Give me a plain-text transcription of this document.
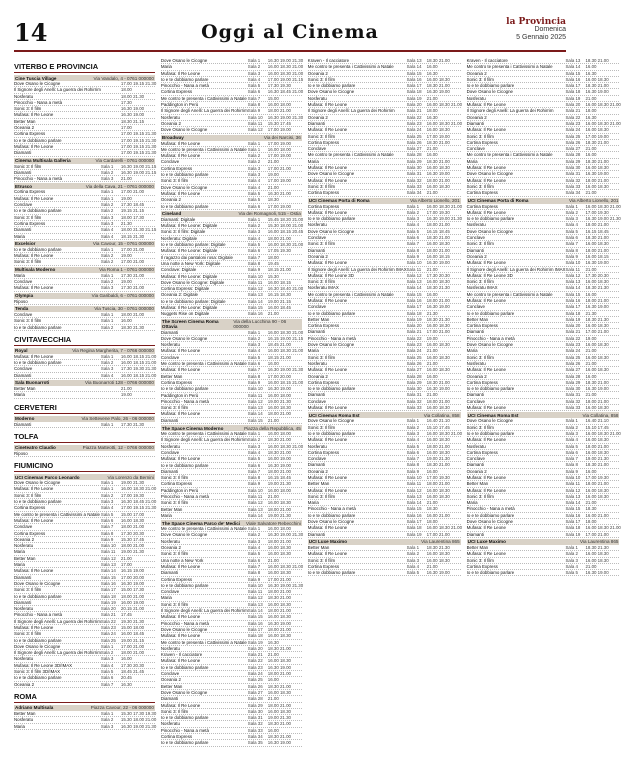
14	Oggi al Cinema	la Provincia
Domenica
5 Gennaio 2025
VITERBO E PROVINCIA
Cine Tuscia Village	Via Vandalo, 4 - 0761 000000
Dove Osano le Cicogne	17.00 19.15 21.30
Il Signore degli Anelli: La guerra dei Rohirrim	18.00
Nosferatu	18.00 21.30
Pinocchio - Nana a metà	17.30
Sonic 3: Il film	16.30 19.00
Mufasa: Il Re Leone	16.30 19.00
Better Man	18.30 21.15
Oceania 2	17.00
Cortina Express	17.00 19.15 21.30
Io e te dobbiamo parlare	17.00 19.15 21.30
Mufasa: Il Re Leone	17.00 19.15 21.30
Diamanti	17.00 19.15 21.30
Cinema Multisala Galleria	Via Cardarelli - 0761 000000
Sonic 3: Il film	Sala 1	16.30 19.00 21.15
Diamanti	Sala 2	16.30 19.00 21.15
Pinocchio - Nana a metà	Sala 3	21.00
Etrusco	Via della Cava, 21 - 0761 000000
Cortina Express	Sala 1	17.00 21.00
Mufasa: Il Re Leone	Sala 1	19.00
Conclave	Sala 2	17.30 18.45
Io e te dobbiamo parlare	Sala 2	19.15 21.15
Sonic 3: Il film	Sala 3	18.00 17.30
Cortina Express	Sala 3	21.30
Diamanti	Sala 4	18.00 21.30 21.15
Maria	Sala 4	18.15 21.30
Excelsior	Via Cavour, 15 - 0761 000000
Io e te dobbiamo parlare	Sala 1	17.00 21.00
Mufasa: Il Re Leone	Sala 2	19.00
Sonic 3: Il film	Sala 2	17.00 21.00
Multisala Moderno	Via Roma 1 - 0761 000000
Maria	Sala 1	17.30 21.00
Conclave	Sala 2	19.00
Mufasa: Il Re Leone	Sala 3	17.30 21.00
Olympia	Via Garibaldi, 6 - 0761 000000
Riposo
Tenda	Via Tuscia, 30 - 0761 000000
Conclave	Sala 1	18.00 21.00
Sonic 3: Il film	Sala 1	16.00
Io e te dobbiamo parlare	Sala 2	18.30 21.30
CIVITAVECCHIA
Royal	Via Regina Margherita, 7 - 0766 000000
Mufasa: Il Re Leone	Sala 1	16.00 18.15 21.00
Io e te dobbiamo parlare	Sala 2	16.00 18.15 21.00
Conclave	Sala 3	17.30 19.30 21.30
Diamanti	Sala 4	16.00 18.15 21.00
Sala Buonarroti	Via Buonarroti 128 - 0766 000000
Better Man	21.00
Maria	19.00
CERVETERI
Moderno	Via Settevene Palo, 26 - 06 000000
Diamanti	Sala 1	17.30 21.30
TOLFA
Cineteatro Claudio	Piazza Matteotti, 12 - 0766 000000
Riposo
FIUMICINO
UCI Cinemas Parco Leonardo	Via Lorenzo da Bernini
Dove Osano le Cicogne	Sala 1	19.00 21.30
Mufasa: Il Re Leone	Sala 1	16.00 18.30 21.00
Sonic 3: Il film	Sala 2	17.00 19.30
Io e te dobbiamo parlare	Sala 3	16.30 18.45 21.00
Cortina Express	Sala 4	17.00 19.15 21.30
Me contro te presenta i Cattivissimi a Natale Sala 5	15.00 17.00
Mufasa: Il Re Leone	Sala 6	16.00 18.30
Conclave	Sala 7	18.00 21.00
Cortina Express	Sala 8	17.30 20.30
Oceania 2	Sala 9	15.30 17.45
Nosferatu	Sala 10	18.00 21.00
Maria	Sala 11	19.00 21.30
Better Man	Sala 12	21.00
Maria	Sala 13	17.00
Mufasa: Il Re Leone	Sala 14	16.15 19.00
Diamanti	Sala 15	17.00 20.00
Dove Osano le Cicogne	Sala 16	16.30 19.00
Sonic 3: Il film	Sala 17	15.00 17.30
Io e te dobbiamo parlare	Sala 18	18.00 21.00
Diamanti	Sala 19	16.00 19.00
Nosferatu	Sala 20	20.15 21.00
Pinocchio - Nana a metà	Sala 21	17.45
Il Signore degli Anelli: La guerra dei Rohirrim Sala 22	19.30 21.30
Mufasa: Il Re Leone	Sala 23	15.00 18.00
Sonic 3: Il film	Sala 24	16.00 18.45
Io e te dobbiamo parlare	Sala 25	19.00 21.15
Dove Osano le Cicogne	Sala 1	17.00 21.00
Il Signore degli Anelli: La guerra dei Rohirrim Sala 2	18.00 21.00
Nosferatu	Sala 3	16.00
Mufasa: Il Re Leone 3D/IMAX	Sala 4	17.30 20.30
Sonic 3: Il film 3D/IMAX	Sala 5	18.45 21.45
Io e te dobbiamo parlare	Sala 6	20.45
Oceania 2	Sala 7	16.30
ROMA
Adriano Multisala	Piazza Cavour, 22 - 06 000000
Better Man	Sala 1	15.30 17.30 19.30
Nosferatu	Sala 2	15.30 18.00 21.00
Maria	Sala 3	16.30 19.00 21.30
Dove Osano le Cicogne	Sala 1	16.30 19.00 21.30
Maria	Sala 2	16.00 18.30 21.00
Mufasa: Il Re Leone	Sala 3	16.00 18.30 21.00
Io e te dobbiamo parlare	Sala 4	17.00 19.00 21.15
Pinocchio - Nana a metà	Sala 5	17.30 19.30
Cortina Express	Sala 6	16.30 18.45 21.00
Me contro te presenta i Cattivissimi a Natale Sala 7	15.00
Paddington in Perù	Sala 8	16.00 18.00
Il Signore degli Anelli: La guerra dei Rohirrim Sala 9	18.00 21.00
Nosferatu	Sala 10	16.30 19.00 21.30
Oceania 2	Sala 11	15.30 17.45
Dove Osano le Cicogne	Sala 12	17.00 19.00
Broadway	Via dei Narcisi, 36
Mufasa: Il Re Leone	Sala 1	17.00 19.00
Me contro te presenta i Cattivissimi a Natale Sala 1	16.00 18.00
Mufasa: Il Re Leone	Sala 2	17.00 19.00
Conclave	Sala 2	21.00
Cortina Express	Sala 3	17.00 21.00
Io e te dobbiamo parlare	Sala 3	19.00
Sonic 3: Il film	Sala 4	17.00 19.00
Dove Osano le Cicogne	Sala 4	21.00
Mufasa: Il Re Leone	Sala 5	16.30 21.00
Oceania 2	Sala 5	18.30
Io e te dobbiamo parlare	Sala 6	17.00 19.00
Cineland	Via dei Romagnoli, 515 - Ostia
Diamanti: Digitale	Sala 1	15.45 18.20 21.00
Mufasa: Il Re Leone: Digitale	Sala 2	15.30 18.00 21.00
Sonic 3: Il film: Digitale	Sala 3	16.00 18.15 20.45
Nosferatu: Digitale	Sala 4	18.00 21.00
Io e te dobbiamo parlare: Digitale	Sala 5	16.00 18.30 21.00
Mufasa: Il Re Leone: Digitale	Sala 6	17.05 19.30
Il ragazzo dai pantaloni rosa: Digitale	Sala 7	18.00
Una notte a New York: Digitale	Sala 8	19.45
Conclave: Digitale	Sala 9	18.15 21.00
Mufasa: Il Re Leone: Digitale	Sala 10	15.30
Dove Osano le Cicogne: Digitale	Sala 11	16.00 18.15
Cortina Express: Digitale	Sala 12	16.30 18.40 21.00
Oceania 2: Digitale	Sala 13	16.15 18.30
Io e te dobbiamo parlare: Digitale	Sala 14	19.00 21.15
Mufasa: Il Re Leone: Digitale	Sala 15	16.00 18.45
Nuggets Rise on Digitale	Sala 16	21.00
The Screen Cinema Roma Ottavia
Via della Lucchina 90 - 06 000000
Diamanti	Sala 1	16.00 18.30 21.00
Dove Osano le Cicogne	Sala 2	16.15 19.00 21.15
Nosferatu	Sala 3	18.45 21.00
Mufasa: Il Re Leone	Sala 4	16.00 18.30 21.00
Conclave	Sala 5	18.15 21.00
Me contro te presenta i Cattivissimi a Natale Sala 6	16.00
Mufasa: Il Re Leone	Sala 7	16.30 19.00 21.30
Better Man	Sala 8	17.00 20.00
Cortina Express	Sala 9	16.00 18.15 21.00
Io e te dobbiamo parlare	Sala 10	16.30 19.00
Paddington in Perù	Sala 11	16.00 18.00
Pinocchio - Nana a metà	Sala 12	19.00 21.30
Sonic 3: Il film	Sala 13	16.00 18.30
Mufasa: Il Re Leone	Sala 14	18.00 21.00
Diamanti	Sala 15	21.00
The Space Cinema Moderno	Piazza della Repubblica, 45
Me contro te presenta i Cattivissimi a Natale Sala 1	16.00 18.00
Il Signore degli Anelli: La guerra dei Rohirrim Sala 2	18.30 21.00
Nosferatu	Sala 3	16.00 18.30 21.00
Conclave	Sala 4	18.30 21.00
Mufasa: Il Re Leone	Sala 5	16.00 19.00
Io e te dobbiamo parlare	Sala 6	16.30 19.00
Diamanti	Sala 7	18.00 21.00
Sonic 3: Il film	Sala 8	16.15 18.45
Cortina Express	Sala 9	19.00 21.30
Paddington in Perù	Sala 10	16.00 18.00
Pinocchio - Nana a metà	Sala 11	21.00
Sonic 3: Il film	Sala 12	16.00 18.30
Better Man	Sala 13	18.00 21.00
Maria	Sala 14	19.00 21.30
The Space Cinema Parco de' Medici Viale Salvatore Rebecchini
Me contro te presenta i Cattivissimi a Natale Sala 1	16.00 18.00
Dove Osano le Cicogne	Sala 2	16.30 19.00 21.30
Nosferatu	Sala 3	18.00 21.00
Oceania 2	Sala 4	16.00 18.30
Sonic 3: Il film	Sala 5	16.00 18.30
Una notte a New York	Sala 6	21.00
Mufasa: Il Re Leone	Sala 7	16.00 18.30 21.00
Diamanti	Sala 8	16.00 18.30
Cortina Express	Sala 9	17.00 21.00
Io e te dobbiamo parlare	Sala 10	16.30 19.00 21.30
Conclave	Sala 11	18.00 21.00
Maria	Sala 12	18.30 21.00
Sonic 3: Il film	Sala 13	16.00 18.30
Il Signore degli Anelli: La guerra dei Rohirrim Sala 14	18.00 21.00
Mufasa: Il Re Leone	Sala 15	16.00 18.30
Pinocchio - Nana a metà	Sala 16	16.30 19.00
Dove Osano le Cicogne	Sala 17	18.00 21.00
Mufasa: Il Re Leone	Sala 18	16.00 18.30
Me contro te presenta i Cattivissimi a Natale Sala 19	16.30
Nosferatu	Sala 20	18.30 21.00
Kraven - Il cacciatore	Sala 21	21.00
Mufasa: Il Re Leone	Sala 22	16.00 18.30
Io e te dobbiamo parlare	Sala 23	16.30 19.00
Conclave	Sala 24	18.00 21.00
Oceania 2	Sala 25	16.00
Better Man	Sala 26	18.30 21.00
Dove Osano le Cicogne	Sala 27	16.00 18.30
Diamanti	Sala 28	21.00
Mufasa: Il Re Leone	Sala 29	18.00 21.00
Sonic 3: Il film	Sala 30	16.00 18.30
Io e te dobbiamo parlare	Sala 31	19.00 21.30
Nosferatu	Sala 32	18.30 21.00
Pinocchio - Nana a metà	Sala 33	16.00
Cortina Express	Sala 34	18.30 21.00
Io e te dobbiamo parlare	Sala 35	16.30 19.00
Kraven - Il cacciatore	Sala 13	18.30 21.00
Me contro te presenta i Cattivissimi a Natale	Sala 14	16.00
Oceania 2	Sala 15	16.30
Sonic 3: Il film	Sala 16	16.00 18.30
Io e te dobbiamo parlare	Sala 17	18.30 21.00
Dove Osano le Cicogne	Sala 18	16.30 19.00
Nosferatu	Sala 19	21.00
Mufasa: Il Re Leone	Sala 20	16.00 18.30 21.00
Il Signore degli Anelli: La guerra dei Rohirrim	Sala 21	18.00
Oceania 2	Sala 22	16.30
Diamanti	Sala 23	16.00 18.30 21.00
Mufasa: Il Re Leone	Sala 24	16.00 18.30
Sonic 3: Il film	Sala 25	17.00 19.00
Cortina Express	Sala 26	18.30 21.00
Conclave	Sala 27	21.00
Me contro te presenta i Cattivissimi a Natale	Sala 28	16.00
Maria	Sala 29	18.30 21.00
Mufasa: Il Re Leone	Sala 30	16.00 18.30
Dove Osano le Cicogne	Sala 31	16.30 19.00
Mufasa: Il Re Leone	Sala 32	18.00 21.00
Sonic 3: Il film	Sala 33	16.00 18.30
Cortina Express	Sala 34	21.00
UCI Cinemas Porta di Roma	Via Alberto Lionello, 201
Cortina Express	Sala 1	16.00 18.30 21.00
Mufasa: Il Re Leone	Sala 2	17.00 19.30
Io e te dobbiamo parlare	Sala 3	16.30 19.00 21.30
Nosferatu	Sala 4	18.00 21.00
Dove Osano le Cicogne	Sala 5	16.15 18.45
Conclave	Sala 6	18.30 21.00
Sonic 3: Il film	Sala 7	16.00 18.30
Diamanti	Sala 8	18.00 21.00
Oceania 2	Sala 9	16.00 18.15
Mufasa: Il Re Leone	Sala 10	16.30 19.00
Il Signore degli Anelli: La guerra dei Rohirrim IMAX Sala 11	21.00
Mufasa: Il Re Leone 3D	Sala 12	17.30 20.30
Sonic 3: Il film	Sala 13	16.00 18.30
Nosferatu IMAX	Sala 14	18.30 21.30
Me contro te presenta i Cattivissimi a Natale	Sala 15	16.00
Mufasa: Il Re Leone	Sala 16	18.00 21.00
Conclave	Sala 17	16.30 19.00
Io e te dobbiamo parlare	Sala 18	21.30
Better Man	Sala 19	18.30 21.30
Cortina Express	Sala 20	16.00 18.30
Diamanti	Sala 21	17.00 21.00
Pinocchio - Nana a metà	Sala 22	19.00
Dove Osano le Cicogne	Sala 23	16.00 18.30
Maria	Sala 24	21.00
Sonic 3: Il film	Sala 25	16.00 18.30
Nosferatu	Sala 26	21.00
Mufasa: Il Re Leone	Sala 27	16.00 18.30
Oceania 2	Sala 28	16.00
Cortina Express	Sala 29	18.30 21.00
Io e te dobbiamo parlare	Sala 30	16.30 19.00
Diamanti	Sala 31	21.00
Conclave	Sala 32	18.00 21.00
Mufasa: Il Re Leone	Sala 33	16.00 18.30
UCI Cinemas Roma Est	Via Collatina, 858
Dove Osano le Cicogne	Sala 1	16.40 21.10
Sonic 3: Il film	Sala 2	15.10 17.45
Io e te dobbiamo parlare	Sala 3	16.00 18.30 21.00
Mufasa: Il Re Leone	Sala 4	16.00 18.30
Nosferatu	Sala 5	18.00 21.00
Cortina Express	Sala 6	16.00 18.30
Conclave	Sala 7	19.00 21.30
Diamanti	Sala 8	18.30 21.00
Oceania 2	Sala 9	16.00
Mufasa: Il Re Leone	Sala 10	17.00 19.30
Better Man	Sala 11	18.00 21.00
Mufasa: Il Re Leone	Sala 12	16.00 18.30
Sonic 3: Il film	Sala 13	16.00 18.30
Maria	Sala 14	21.00
Pinocchio - Nana a metà	Sala 15	18.30
Io e te dobbiamo parlare	Sala 16	16.00 21.00
Dove Osano le Cicogne	Sala 17	18.00
Mufasa: Il Re Leone	Sala 18	16.00 18.30 21.00
Diamanti	Sala 19	17.00 21.00
UCI Luxe Maximo	Via Laurentina 865
Better Man	Sala 1	18.30 21.30
Mufasa: Il Re Leone	Sala 2	16.00 18.30
Sonic 3: Il film	Sala 3	16.00 18.30
Cortina Express	Sala 4	21.00
Io e te dobbiamo parlare	Sala 5	16.30 19.00
Kraven - Il cacciatore	Sala 13	18.30 21.00
Me contro te presenta i Cattivissimi a Natale	Sala 14	16.00
Oceania 2	Sala 15	16.30
Sonic 3: Il film	Sala 16	16.00 18.30
Io e te dobbiamo parlare	Sala 17	18.30 21.00
Dove Osano le Cicogne	Sala 18	16.30 19.00
Nosferatu	Sala 19	21.00
Mufasa: Il Re Leone	Sala 20	16.00 18.30 21.00
Il Signore degli Anelli: La guerra dei Rohirrim	Sala 21	18.00
Oceania 2	Sala 22	16.30
Diamanti	Sala 23	16.00 18.30 21.00
Mufasa: Il Re Leone	Sala 24	16.00 18.30
Sonic 3: Il film	Sala 25	17.00 19.00
Cortina Express	Sala 26	18.30 21.00
Conclave	Sala 27	21.00
Me contro te presenta i Cattivissimi a Natale	Sala 28	16.00
Maria	Sala 29	18.30 21.00
Mufasa: Il Re Leone	Sala 30	16.00 18.30
Dove Osano le Cicogne	Sala 31	16.30 19.00
Mufasa: Il Re Leone	Sala 32	18.00 21.00
Sonic 3: Il film	Sala 33	16.00 18.30
Cortina Express	Sala 34	21.00
UCI Cinemas Porta di Roma	Via Alberto Lionello, 201
Cortina Express	Sala 1	16.00 18.30 21.00
Mufasa: Il Re Leone	Sala 2	17.00 19.30
Io e te dobbiamo parlare	Sala 3	16.30 19.00 21.30
Nosferatu	Sala 4	18.00 21.00
Dove Osano le Cicogne	Sala 5	16.15 18.45
Conclave	Sala 6	18.30 21.00
Sonic 3: Il film	Sala 7	16.00 18.30
Diamanti	Sala 8	18.00 21.00
Oceania 2	Sala 9	16.00 18.15
Mufasa: Il Re Leone	Sala 10	16.30 19.00
Il Signore degli Anelli: La guerra dei Rohirrim IMAX Sala 11	21.00
Mufasa: Il Re Leone 3D	Sala 12	17.30 20.30
Sonic 3: Il film	Sala 13	16.00 18.30
Nosferatu IMAX	Sala 14	18.30 21.30
Me contro te presenta i Cattivissimi a Natale	Sala 15	16.00
Mufasa: Il Re Leone	Sala 16	18.00 21.00
Conclave	Sala 17	16.30 19.00
Io e te dobbiamo parlare	Sala 18	21.30
Better Man	Sala 19	18.30 21.30
Cortina Express	Sala 20	16.00 18.30
Diamanti	Sala 21	17.00 21.00
Pinocchio - Nana a metà	Sala 22	19.00
Dove Osano le Cicogne	Sala 23	16.00 18.30
Maria	Sala 24	21.00
Sonic 3: Il film	Sala 25	16.00 18.30
Nosferatu	Sala 26	21.00
Mufasa: Il Re Leone	Sala 27	16.00 18.30
Oceania 2	Sala 28	16.00
Cortina Express	Sala 29	18.30 21.00
Io e te dobbiamo parlare	Sala 30	16.30 19.00
Diamanti	Sala 31	21.00
Conclave	Sala 32	18.00 21.00
Mufasa: Il Re Leone	Sala 33	16.00 18.30
UCI Cinemas Roma Est	Via Collatina, 858
Dove Osano le Cicogne	Sala 1	16.40 21.10
Sonic 3: Il film	Sala 2	15.10 17.45
Io e te dobbiamo parlare	Sala 3	16.00 18.30 21.00
Mufasa: Il Re Leone	Sala 4	16.00 18.30
Nosferatu	Sala 5	18.00 21.00
Cortina Express	Sala 6	16.00 18.30
Conclave	Sala 7	19.00 21.30
Diamanti	Sala 8	18.30 21.00
Oceania 2	Sala 9	16.00
Mufasa: Il Re Leone	Sala 10	17.00 19.30
Better Man	Sala 11	18.00 21.00
Mufasa: Il Re Leone	Sala 12	16.00 18.30
Sonic 3: Il film	Sala 13	16.00 18.30
Maria	Sala 14	21.00
Pinocchio - Nana a metà	Sala 15	18.30
Io e te dobbiamo parlare	Sala 16	16.00 21.00
Dove Osano le Cicogne	Sala 17	18.00
Mufasa: Il Re Leone	Sala 18	16.00 18.30 21.00
Diamanti	Sala 19	17.00 21.00
UCI Luxe Maximo	Via Laurentina 865
Better Man	Sala 1	18.30 21.30
Mufasa: Il Re Leone	Sala 2	16.00 18.30
Sonic 3: Il film	Sala 3	16.00 18.30
Cortina Express	Sala 4	21.00
Io e te dobbiamo parlare	Sala 5	16.30 19.00
